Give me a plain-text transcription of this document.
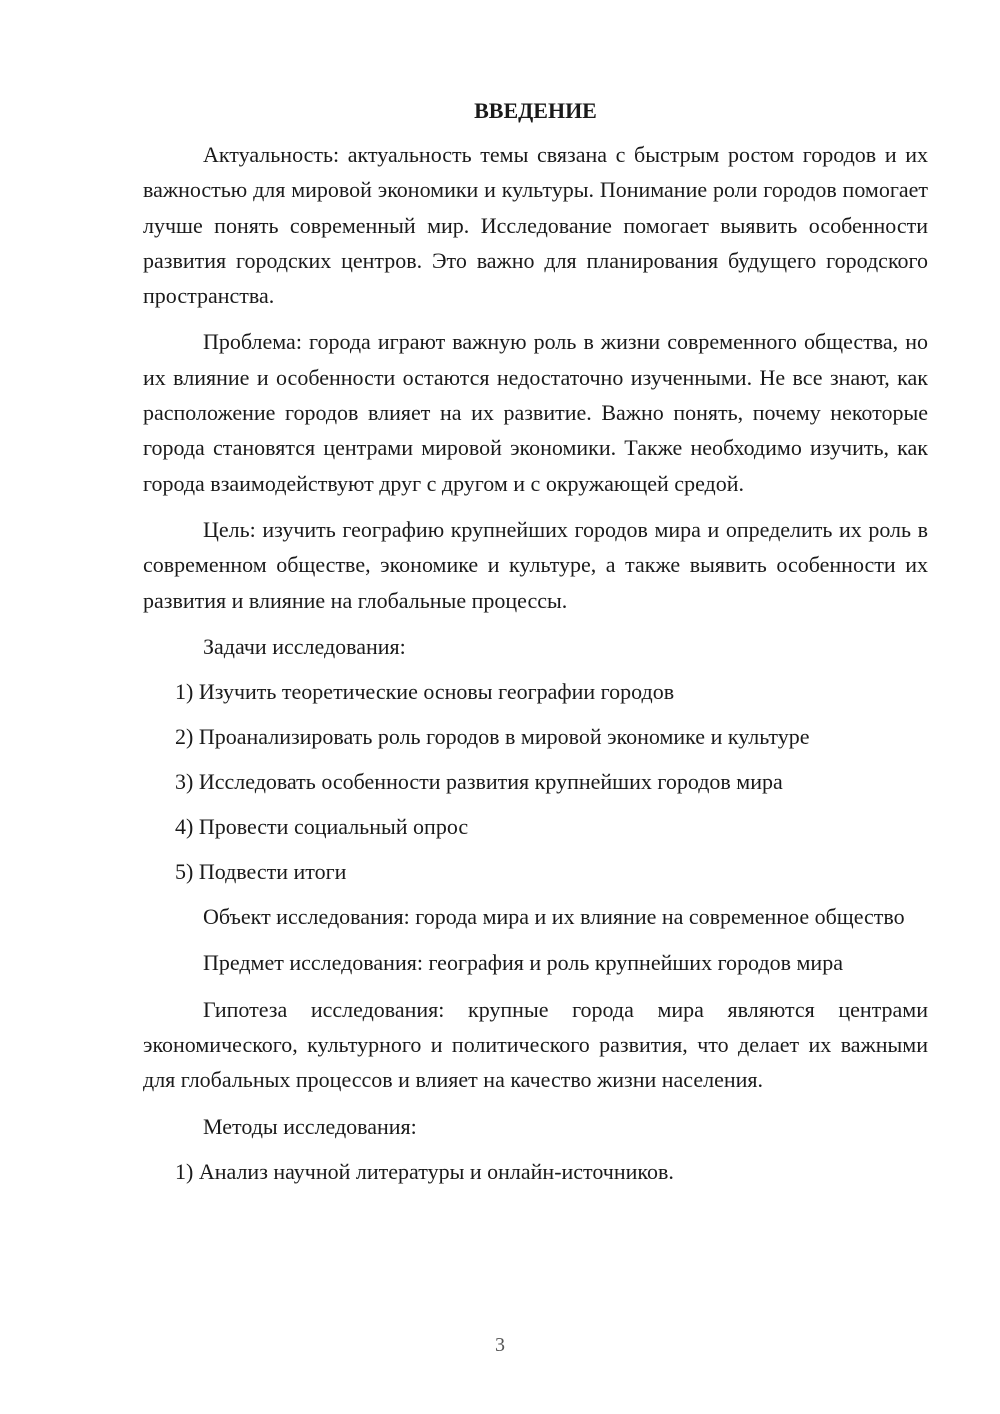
ВВЕДЕНИЕ

Актуальность: актуальность темы связана с быстрым ростом городов и их важностью для мировой экономики и культуры. Понимание роли городов помогает лучше понять современный мир. Исследование помогает выявить особенности развития городских центров. Это важно для планирования будущего городского пространства.

Проблема: города играют важную роль в жизни современного общества, но их влияние и особенности остаются недостаточно изученными. Не все знают, как расположение городов влияет на их развитие. Важно понять, почему некоторые города становятся центрами мировой экономики. Также необходимо изучить, как города взаимодействуют друг с другом и с окружающей средой.

Цель: изучить географию крупнейших городов мира и определить их роль в современном обществе, экономике и культуре, а также выявить особенности их развития и влияние на глобальные процессы.

Задачи исследования:

1) Изучить теоретические основы географии городов

2) Проанализировать роль городов в мировой экономике и культуре

3) Исследовать особенности развития крупнейших городов мира

4) Провести социальный опрос

5) Подвести итоги

Объект исследования: города мира и их влияние на современное общество

Предмет исследования: география и роль крупнейших городов мира

Гипотеза исследования: крупные города мира являются центрами экономического, культурного и политического развития, что делает их важными для глобальных процессов и влияет на качество жизни населения.

Методы исследования:

1) Анализ научной литературы и онлайн-источников.

3
